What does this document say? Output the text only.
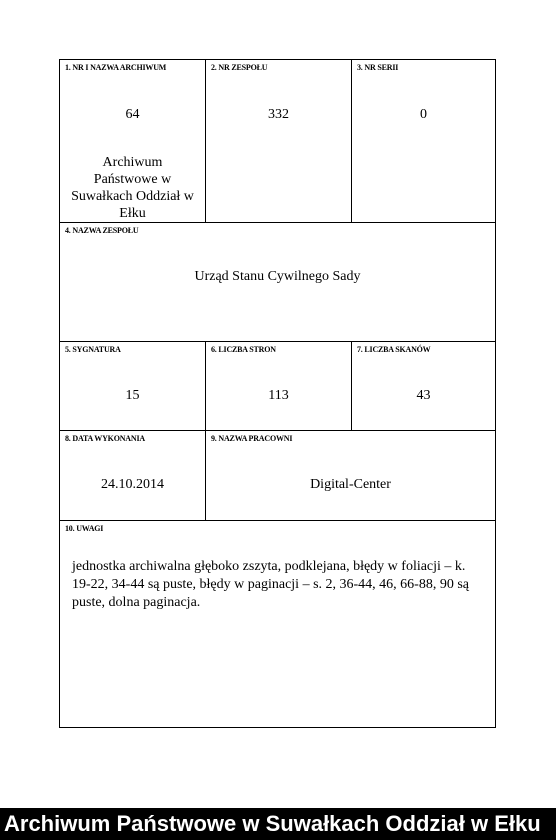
1. NR I NAZWA ARCHIWUM
64
Archiwum Państwowe w Suwałkach Oddział w Ełku
2. NR ZESPOŁU
332
3. NR SERII
0
4. NAZWA ZESPOŁU
Urząd Stanu Cywilnego Sady
5. SYGNATURA
15
6. LICZBA STRON
113
7. LICZBA SKANÓW
43
8. DATA WYKONANIA
24.10.2014
9. NAZWA PRACOWNI
Digital-Center
10. UWAGI
jednostka archiwalna głęboko zszyta, podklejana, błędy w foliacji – k. 19-22, 34-44 są puste, błędy w paginacji – s. 2, 36-44, 46, 66-88, 90 są puste, dolna paginacja.
Archiwum Państwowe w Suwałkach Oddział w Ełku
